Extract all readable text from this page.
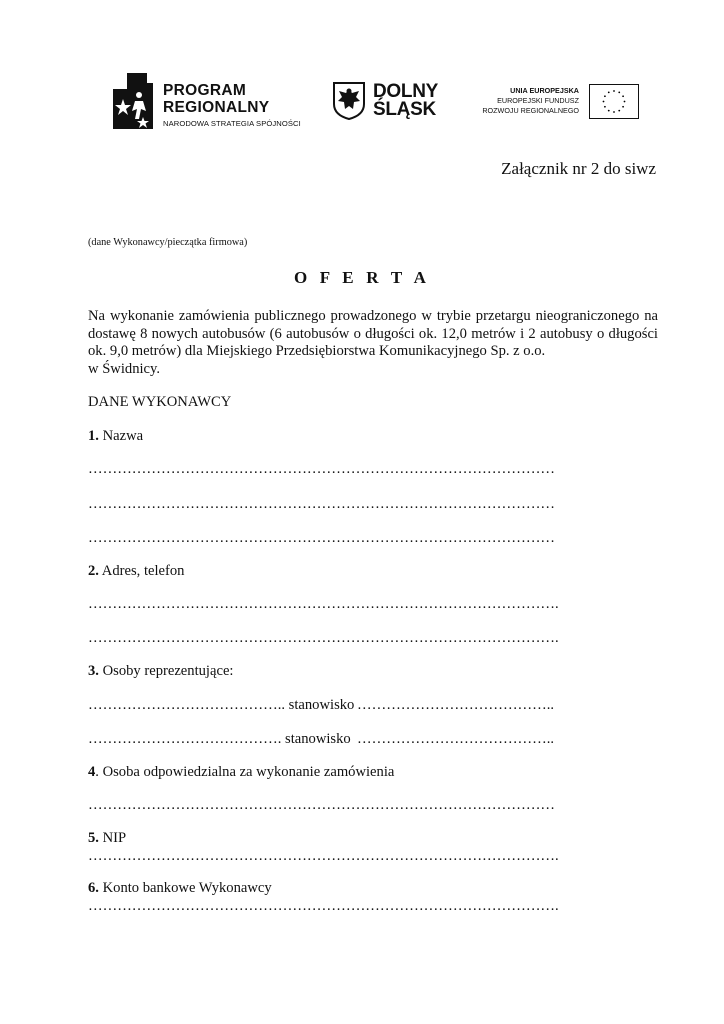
PROGRAM
REGIONALNY
NARODOWA STRATEGIA SPÓJNOŚCI
DOLNY
ŚLĄSK
UNIA EUROPEJSKA
EUROPEJSKI FUNDUSZ
ROZWOJU REGIONALNEGO
Załącznik nr 2 do siwz
(dane Wykonawcy/pieczątka firmowa)
O F E R T A
Na wykonanie zamówienia publicznego prowadzonego w trybie przetargu nieograniczonego na dostawę 8 nowych autobusów (6 autobusów o długości ok. 12,0 metrów i 2 autobusy o długości ok. 9,0 metrów) dla Miejskiego Przedsiębiorstwa Komunikacyjnego Sp. z o.o.
w Świdnicy.
DANE WYKONAWCY
1. Nazwa
……………………………………………………………………………………
……………………………………………………………………………………
……………………………………………………………………………………
2. Adres, telefon
…………………………………………………………………………………….
…………………………………………………………………………………….
3. Osoby reprezentujące:
………………………………….. stanowisko …………………………………..
…………………………………. stanowisko …………………………………..
4. Osoba odpowiedzialna za wykonanie zamówienia
……………………………………………………………………………………
5. NIP
…………………………………………………………………………………….
6. Konto bankowe Wykonawcy
…………………………………………………………………………………….
